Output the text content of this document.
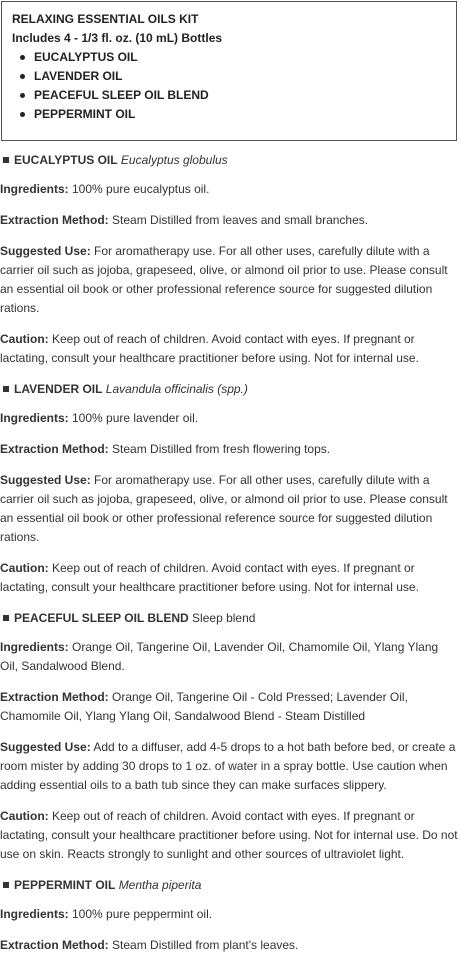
RELAXING ESSENTIAL OILS KIT
Includes 4 - 1/3 fl. oz. (10 mL) Bottles
EUCALYPTUS OIL
LAVENDER OIL
PEACEFUL SLEEP OIL BLEND
PEPPERMINT OIL
EUCALYPTUS OIL Eucalyptus globulus

Ingredients: 100% pure eucalyptus oil.

Extraction Method: Steam Distilled from leaves and small branches.

Suggested Use: For aromatherapy use. For all other uses, carefully dilute with a carrier oil such as jojoba, grapeseed, olive, or almond oil prior to use. Please consult an essential oil book or other professional reference source for suggested dilution rations.

Caution: Keep out of reach of children. Avoid contact with eyes. If pregnant or lactating, consult your healthcare practitioner before using. Not for internal use.

LAVENDER OIL Lavandula officinalis (spp.)

Ingredients: 100% pure lavender oil.

Extraction Method: Steam Distilled from fresh flowering tops.

Suggested Use: For aromatherapy use. For all other uses, carefully dilute with a carrier oil such as jojoba, grapeseed, olive, or almond oil prior to use. Please consult an essential oil book or other professional reference source for suggested dilution rations.

Caution: Keep out of reach of children. Avoid contact with eyes. If pregnant or lactating, consult your healthcare practitioner before using. Not for internal use.

PEACEFUL SLEEP OIL BLEND Sleep blend

Ingredients: Orange Oil, Tangerine Oil, Lavender Oil, Chamomile Oil, Ylang Ylang Oil, Sandalwood Blend.

Extraction Method: Orange Oil, Tangerine Oil - Cold Pressed; Lavender Oil, Chamomile Oil, Ylang Ylang Oil, Sandalwood Blend - Steam Distilled

Suggested Use: Add to a diffuser, add 4-5 drops to a hot bath before bed, or create a room mister by adding 30 drops to 1 oz. of water in a spray bottle. Use caution when adding essential oils to a bath tub since they can make surfaces slippery.

Caution: Keep out of reach of children. Avoid contact with eyes. If pregnant or lactating, consult your healthcare practitioner before using. Not for internal use. Do not use on skin. Reacts strongly to sunlight and other sources of ultraviolet light.

PEPPERMINT OIL Mentha piperita

Ingredients: 100% pure peppermint oil.

Extraction Method: Steam Distilled from plant's leaves.
